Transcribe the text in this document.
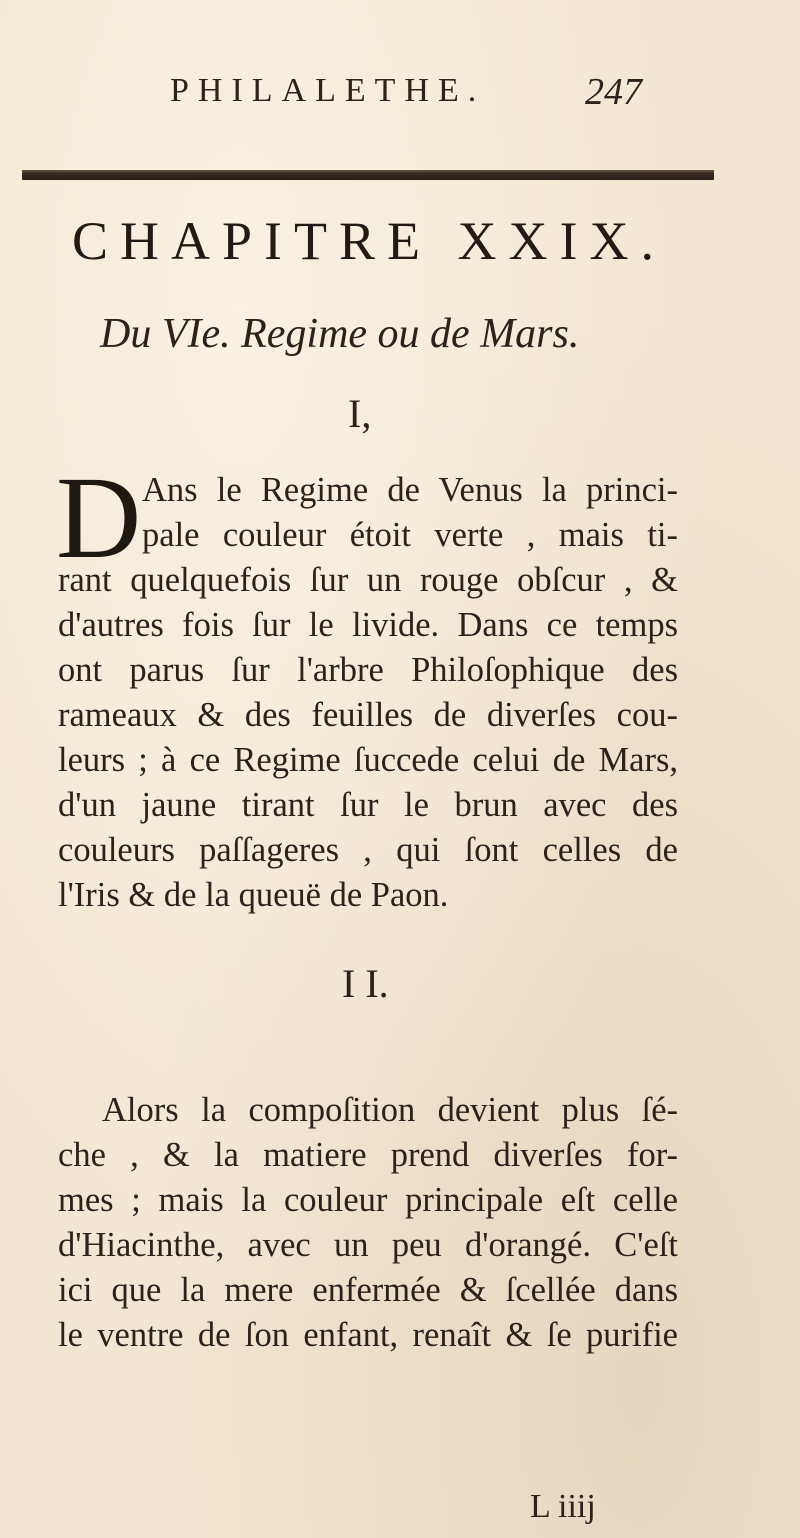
PHILALETHE.	247
CHAPITRE XXIX.
Du VIe. Regime ou de Mars.
I,
D Ans le Regime de Venus la princi-
pale couleur étoit verte , mais ti-
rant quelquefois ſur un rouge obſcur , &
d'autres fois ſur le livide. Dans ce temps
ont parus ſur l'arbre Philoſophique des
rameaux & des feuilles de diverſes cou-
leurs ; à ce Regime ſuccede celui de Mars,
d'un jaune tirant ſur le brun avec des
couleurs paſſageres , qui ſont celles de
l'Iris & de la queuë de Paon.
I I.
Alors la compoſition devient plus ſé-
che , & la matiere prend diverſes for-
mes ; mais la couleur principale eſt celle
d'Hiacinthe, avec un peu d'orangé. C'eſt
ici que la mere enfermée & ſcellée dans
le ventre de ſon enfant, renaît & ſe purifie
L iiij
